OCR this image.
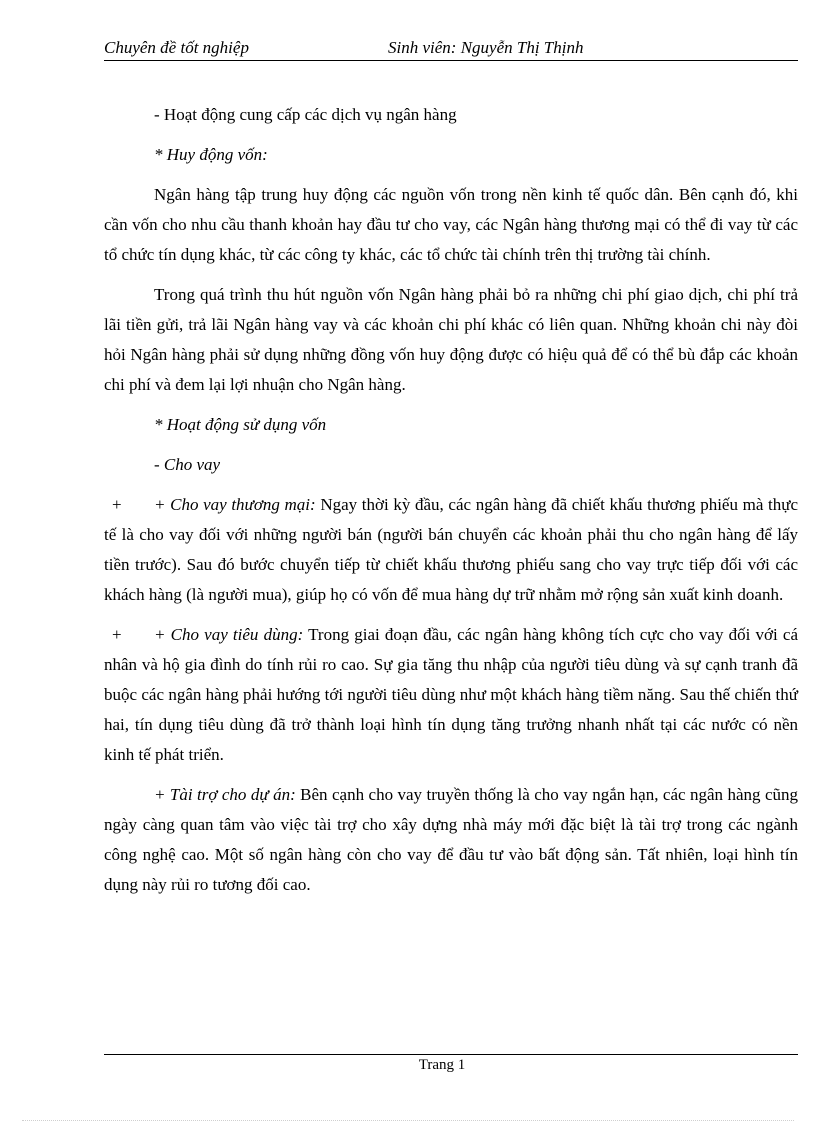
Chuyên đề tốt nghiệp	Sinh viên: Nguyễn Thị Thịnh

- Hoạt động cung cấp các dịch vụ ngân hàng

* Huy động vốn:

Ngân hàng tập trung huy động các nguồn vốn trong nền kinh tế quốc dân. Bên cạnh đó, khi cần vốn cho nhu cầu thanh khoản hay đầu tư cho vay, các Ngân hàng thương mại có thể đi vay từ các tổ chức tín dụng khác, từ các công ty khác, các tổ chức tài chính trên thị trường tài chính.

Trong quá trình thu hút nguồn vốn Ngân hàng phải bỏ ra những chi phí giao dịch, chi phí trả lãi tiền gửi, trả lãi Ngân hàng vay và các khoản chi phí khác có liên quan. Những khoản chi này đòi hỏi Ngân hàng phải sử dụng những đồng vốn huy động được có hiệu quả để có thể bù đắp các khoản chi phí và đem lại lợi nhuận cho Ngân hàng.

* Hoạt động sử dụng vốn

- Cho vay

+ + Cho vay thương mại: Ngay thời kỳ đầu, các ngân hàng đã chiết khấu thương phiếu mà thực tế là cho vay đối với những người bán (người bán chuyển các khoản phải thu cho ngân hàng để lấy tiền trước). Sau đó bước chuyển tiếp từ chiết khấu thương phiếu sang cho vay trực tiếp đối với các khách hàng (là người mua), giúp họ có vốn để mua hàng dự trữ nhằm mở rộng sản xuất kinh doanh.

+ + Cho vay tiêu dùng: Trong giai đoạn đầu, các ngân hàng không tích cực cho vay đối với cá nhân và hộ gia đình do tính rủi ro cao. Sự gia tăng thu nhập của người tiêu dùng và sự cạnh tranh đã buộc các ngân hàng phải hướng tới người tiêu dùng như một khách hàng tiềm năng. Sau thế chiến thứ hai, tín dụng tiêu dùng đã trở thành loại hình tín dụng tăng trưởng nhanh nhất tại các nước có nền kinh tế phát triển.

+ Tài trợ cho dự án: Bên cạnh cho vay truyền thống là cho vay ngắn hạn, các ngân hàng cũng ngày càng quan tâm vào việc tài trợ cho xây dựng nhà máy mới đặc biệt là tài trợ trong các ngành công nghệ cao. Một số ngân hàng còn cho vay để đầu tư vào bất động sản. Tất nhiên, loại hình tín dụng này rủi ro tương đối cao.

Trang 1
